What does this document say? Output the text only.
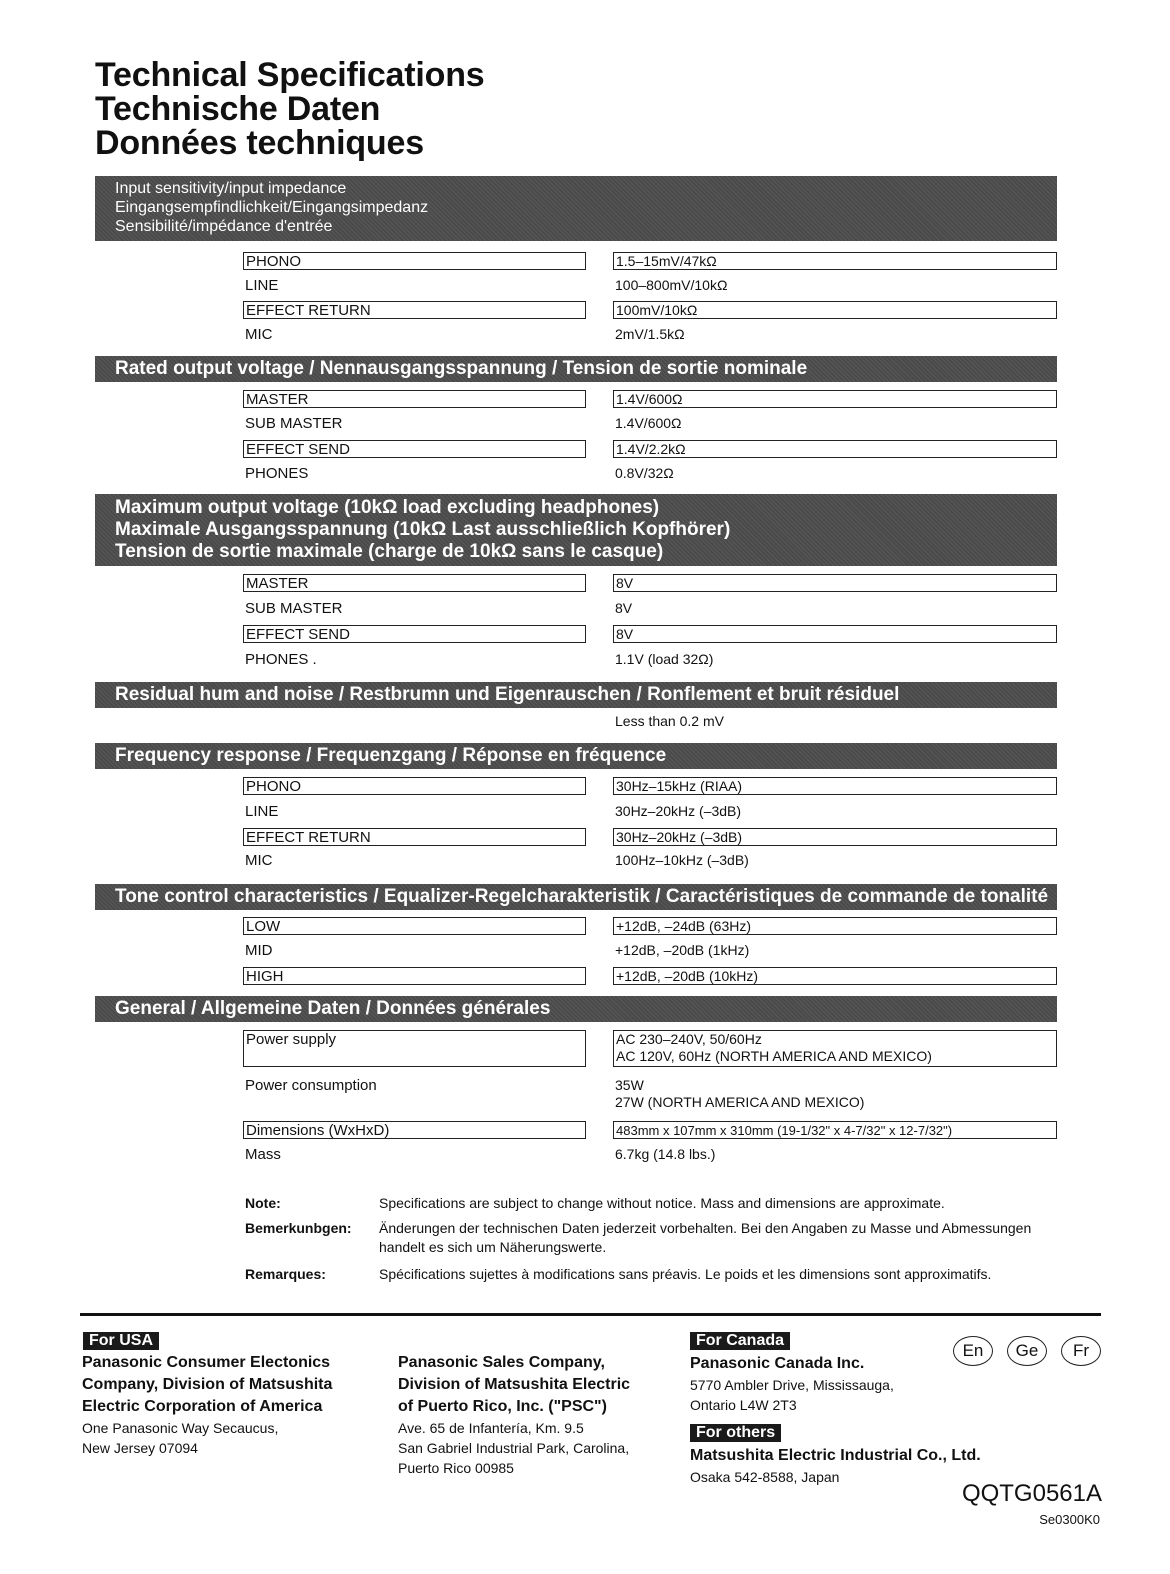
Technical Specifications
Technische Daten
Données techniques
Input sensitivity/input impedance
Eingangsempfindlichkeit/Eingangsimpedanz
Sensibilité/impédance d'entrée
PHONO	1.5–15mV/47kΩ
LINE	100–800mV/10kΩ
EFFECT RETURN	100mV/10kΩ
MIC	2mV/1.5kΩ
Rated output voltage / Nennausgangsspannung / Tension de sortie nominale
MASTER	1.4V/600Ω
SUB MASTER	1.4V/600Ω
EFFECT SEND	1.4V/2.2kΩ
PHONES	0.8V/32Ω
Maximum output voltage (10kΩ load excluding headphones)
Maximale Ausgangsspannung (10kΩ Last ausschließlich Kopfhörer)
Tension de sortie maximale (charge de 10kΩ sans le casque)
MASTER	8V
SUB MASTER	8V
EFFECT SEND	8V
PHONES .	1.1V (load 32Ω)
Residual hum and noise / Restbrumn und Eigenrauschen / Ronflement et bruit résiduel
Less than 0.2 mV
Frequency response / Frequenzgang / Réponse en fréquence
PHONO	30Hz–15kHz (RIAA)
LINE	30Hz–20kHz (–3dB)
EFFECT RETURN	30Hz–20kHz (–3dB)
MIC	100Hz–10kHz (–3dB)
Tone control characteristics / Equalizer-Regelcharakteristik / Caractéristiques de commande de tonalité
LOW	+12dB, –24dB (63Hz)
MID	+12dB, –20dB (1kHz)
HIGH	+12dB, –20dB (10kHz)
General / Allgemeine Daten / Données générales
Power supply	AC 230–240V, 50/60Hz
AC 120V, 60Hz (NORTH AMERICA AND MEXICO)
Power consumption	35W
27W (NORTH AMERICA AND MEXICO)
Dimensions (WxHxD)	483mm x 107mm x 310mm (19-1/32" x 4-7/32" x 12-7/32")
Mass	6.7kg (14.8 lbs.)
Note:	Specifications are subject to change without notice. Mass and dimensions are approximate.
Bemerkunbgen: Änderungen der technischen Daten jederzeit vorbehalten. Bei den Angaben zu Masse und Abmessungen handelt es sich um Näherungswerte.
Remarques:	Spécifications sujettes à modifications sans préavis. Le poids et les dimensions sont approximatifs.
For USA
Panasonic Consumer Electonics
Company, Division of Matsushita
Electric Corporation of America
One Panasonic Way Secaucus,
New Jersey 07094
Panasonic Sales Company,
Division of Matsushita Electric
of Puerto Rico, Inc. ("PSC")
Ave. 65 de Infantería, Km. 9.5
San Gabriel Industrial Park, Carolina,
Puerto Rico 00985
For Canada
Panasonic Canada Inc.
5770 Ambler Drive, Mississauga,
Ontario L4W 2T3
For others
Matsushita Electric Industrial Co., Ltd.
Osaka 542-8588, Japan
En	Ge	Fr
QQTG0561A
Se0300K0
